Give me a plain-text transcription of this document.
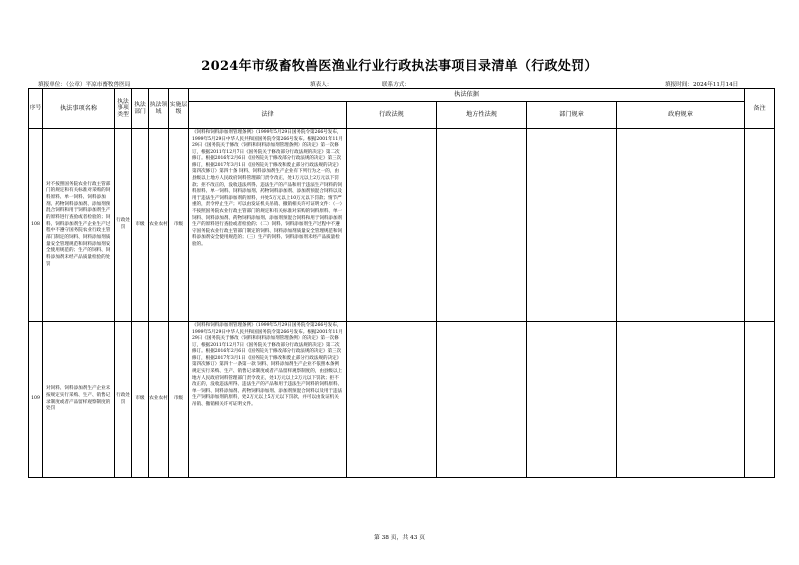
2024年市级畜牧兽医渔业行业行政执法事项目录清单（行政处罚）
填报单位：（公章）平凉市畜牧兽医局	填表人：	联系方式：	填报时间：2024年11月14日
序号	执法事项名称	执法事项类型	执法部门	执法领域	实施层级	执法依据					备注
						法律	行政法规	地方性法规	部门规章	政府规章	
108	对不按照国务院农业行政主管部门的规定和有关标准对采购的饲料原料、单一饲料、饲料添加剂、药物饲料添加剂、添加剂预混合饲料和用于饲料添加剂生产的原料进行查验或者检验的；饲料、饲料添加剂生产企业生产过程中不遵守国务院农业行政主管部门制定的饲料、饲料添加剂质量安全管理规范和饲料添加剂安全使用规范的；生产的饲料、饲料添加剂未经产品质量检验的处罚	行政处罚	市级	农业农村	市级	《饲料和饲料添加剂管理条例》（1999年5月29日国务院令第266号发布，1999年5月29日中华人民共和国国务院令第266号发布。根据2001年11月29日《国务院关于修改〈饲料和饲料添加剂管理条例〉的决定》第一次修订，根据2011年12月7日《国务院关于修改部分行政法规的决定》第二次修订。根据2016年2月6日《国务院关于修改部分行政法规的决定》第三次修订，根据2017年3月1日《国务院关于修改和废止部分行政法规的决定》第四次修订）第四十条 饲料、饲料添加剂生产企业有下列行为之一的，由县级以上地方人民政府饲料管理部门责令改正，处1万元以上2万元以下罚款；拒不改正的，没收违法所得、违法生产的产品和用于违法生产饲料的饲料原料、单一饲料、饲料添加剂、药物饲料添加剂、添加剂预混合饲料以及用于违法生产饲料添加剂的原料，并处5万元以上10万元以下罚款；情节严重的，责令停止生产；可以由发证机关吊销、撤销相关许可证明文件：（一）不按照国务院农业行政主管部门的规定和有关标准对采购的饲料原料、单一饲料、饲料添加剂、药物饲料添加剂、添加剂预混合饲料和用于饲料添加剂生产的原料进行查验或者检验的；（二）饲料、饲料添加剂生产过程中不遵守国务院农业行政主管部门制定的饲料、饲料添加剂质量安全管理规范和饲料添加剂安全使用规范的；（三）生产的饲料、饲料添加剂未经产品质量检验的。					
109	对饲料、饲料添加剂生产企业未按规定实行采购、生产、销售记录制度或者产品留样观察制度的处罚	行政处罚	市级	农业农村	市级	《饲料和饲料添加剂管理条例》（1999年5月29日国务院令第266号发布，1999年5月29日中华人民共和国国务院令第266号发布。根据2001年11月29日《国务院关于修改〈饲料和饲料添加剂管理条例〉的决定》第一次修订，根据2011年12月7日《国务院关于修改部分行政法规的决定》第二次修订。根据2016年2月6日《国务院关于修改部分行政法规的决定》第三次修订，根据2017年3月1日《国务院关于修改和废止部分行政法规的决定》第四次修订）第四十一条第一款 饲料、饲料添加剂生产企业不依照本条例规定实行采购、生产、销售记录制度或者产品留样观察制度的，由县级以上地方人民政府饲料管理部门责令改正，处1万元以上2万元以下罚款；拒不改正的，没收违法所得、违法生产的产品和用于违法生产饲料的饲料原料、单一饲料、饲料添加剂、药物饲料添加剂、添加剂预混合饲料以及用于违法生产饲料添加剂的原料，处2万元以上5万元以下罚款，并可以由发证机关吊销、撤销相关许可证明文件。					
第 38 页，共 43 页
